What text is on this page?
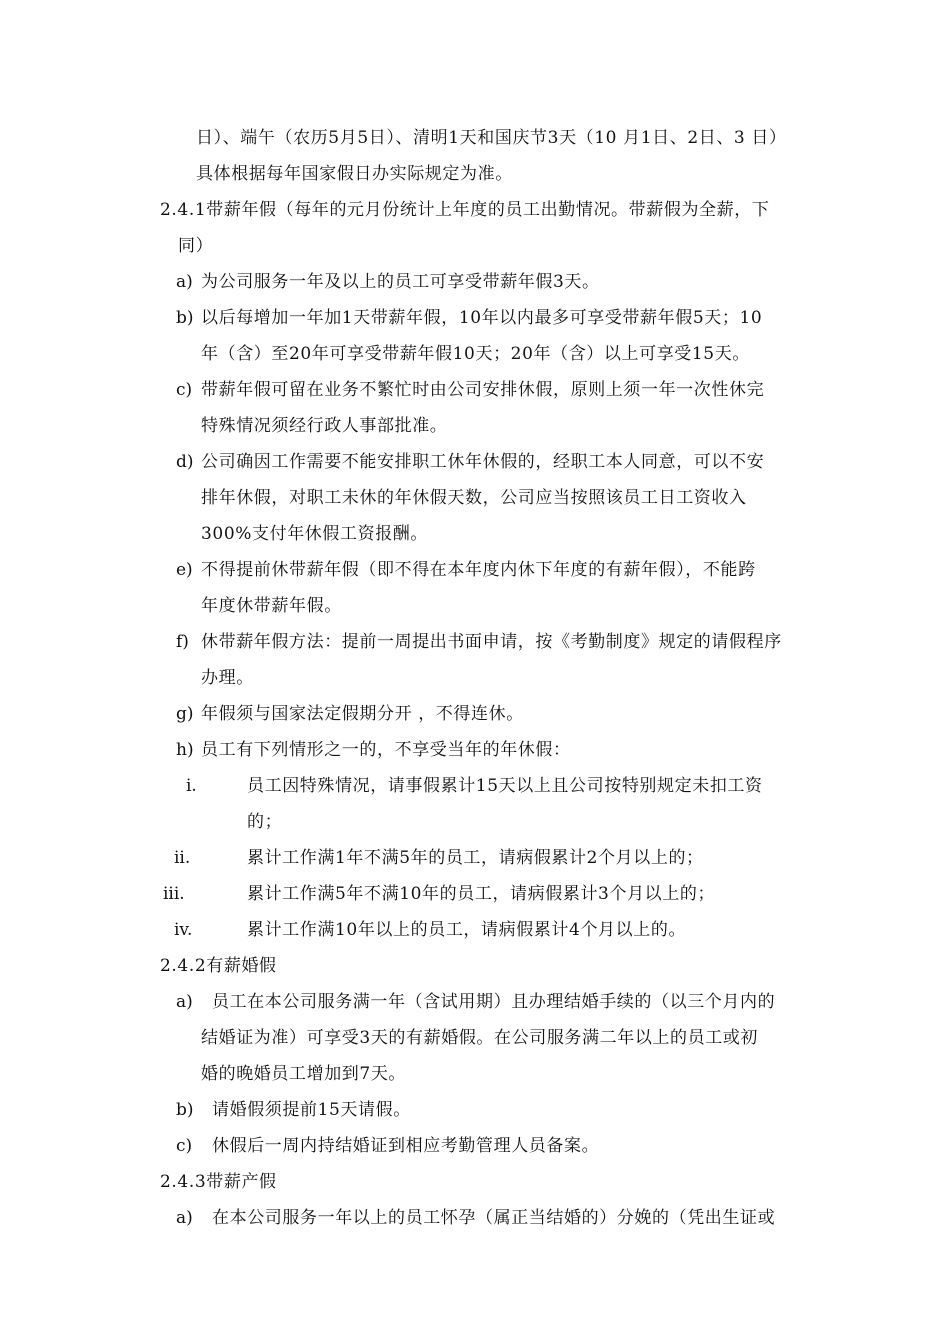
日）、端午（农历5月5日）、清明1天和国庆节3天（10 月1日、2日、3 日）
具体根据每年国家假日办实际规定为准。
2.4.1带薪年假（每年的元月份统计上年度的员工出勤情况。带薪假为全薪，下
同）
a) 为公司服务一年及以上的员工可享受带薪年假3天。
b) 以后每增加一年加1天带薪年假，10年以内最多可享受带薪年假5天；10
年（含）至20年可享受带薪年假10天；20年（含）以上可享受15天。
c) 带薪年假可留在业务不繁忙时由公司安排休假，原则上须一年一次性休完
特殊情况须经行政人事部批准。
d) 公司确因工作需要不能安排职工休年休假的，经职工本人同意，可以不安
排年休假，对职工未休的年休假天数，公司应当按照该员工日工资收入
300%支付年休假工资报酬。
e) 不得提前休带薪年假（即不得在本年度内休下年度的有薪年假），不能跨
年度休带薪年假。
f) 休带薪年假方法：提前一周提出书面申请，按《考勤制度》规定的请假程序
办理。
g) 年假须与国家法定假期分开 ，不得连休。
h) 员工有下列情形之一的，不享受当年的年休假：
i.	员工因特殊情况，请事假累计15天以上且公司按特别规定未扣工资
的；
ii.	累计工作满1年不满5年的员工，请病假累计2个月以上的；
iii.	累计工作满5年不满10年的员工，请病假累计3个月以上的；
iv.	累计工作满10年以上的员工，请病假累计4个月以上的。
2.4.2有薪婚假
a) 员工在本公司服务满一年（含试用期）且办理结婚手续的（以三个月内的
结婚证为准）可享受3天的有薪婚假。在公司服务满二年以上的员工或初
婚的晚婚员工增加到7天。
b) 请婚假须提前15天请假。
c) 休假后一周内持结婚证到相应考勤管理人员备案。
2.4.3带薪产假
a) 在本公司服务一年以上的员工怀孕（属正当结婚的）分娩的（凭出生证或
